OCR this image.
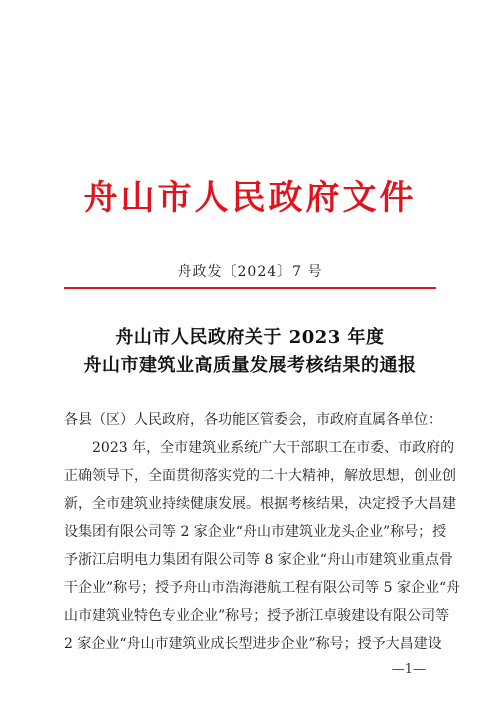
舟山市人民政府文件
舟政发〔2024〕7 号
舟山市人民政府关于 2023 年度
舟山市建筑业高质量发展考核结果的通报
各县（区）人民政府，各功能区管委会，市政府直属各单位：
2023 年，全市建筑业系统广大干部职工在市委、市政府的
正确领导下，全面贯彻落实党的二十大精神，解放思想，创业创
新，全市建筑业持续健康发展。根据考核结果，决定授予大昌建
设集团有限公司等 2 家企业“舟山市建筑业龙头企业”称号；授
予浙江启明电力集团有限公司等 8 家企业“舟山市建筑业重点骨
干企业”称号；授予舟山市浩海港航工程有限公司等 5 家企业“舟
山市建筑业特色专业企业”称号；授予浙江卓骏建设有限公司等
2 家企业“舟山市建筑业成长型进步企业”称号；授予大昌建设
—1—
